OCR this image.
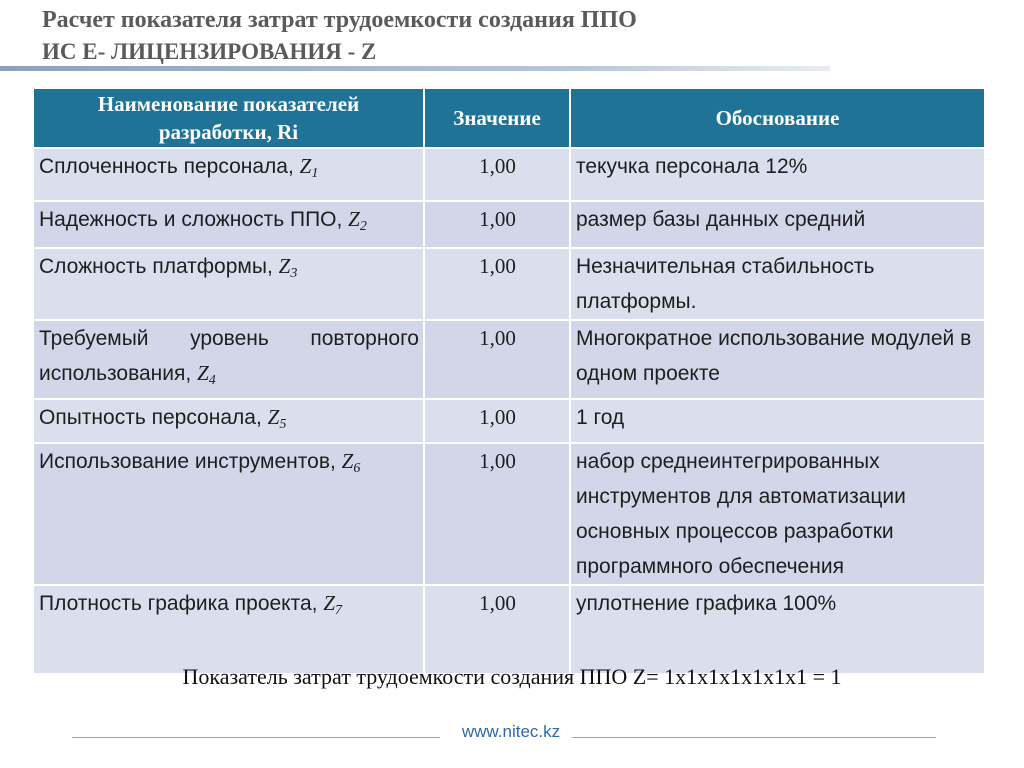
Расчет показателя затрат трудоемкости создания ППО
ИС Е- ЛИЦЕНЗИРОВАНИЯ - Z
Наименование показателей разработки, Ri	Значение	Обоснование
Сплоченность персонала, $Z_1$	1,00	текучка персонала 12%
Надежность и сложность ППО, $Z_2$	1,00	размер базы данных средний
Сложность платформы, $Z_3$	1,00	Незначительная стабильность платформы.
Требуемый уровень повторного использования, $Z_4$	1,00	Многократное использование модулей в одном проекте
Опытность персонала, $Z_5$	1,00	1 год
Использование инструментов, $Z_6$	1,00	набор среднеинтегрированных инструментов для автоматизации основных процессов разработки программного обеспечения
Плотность графика проекта, $Z_7$	1,00	уплотнение графика 100%
Показатель затрат трудоемкости создания ППО Z= 1x1x1x1x1x1x1 = 1
www.nitec.kz
